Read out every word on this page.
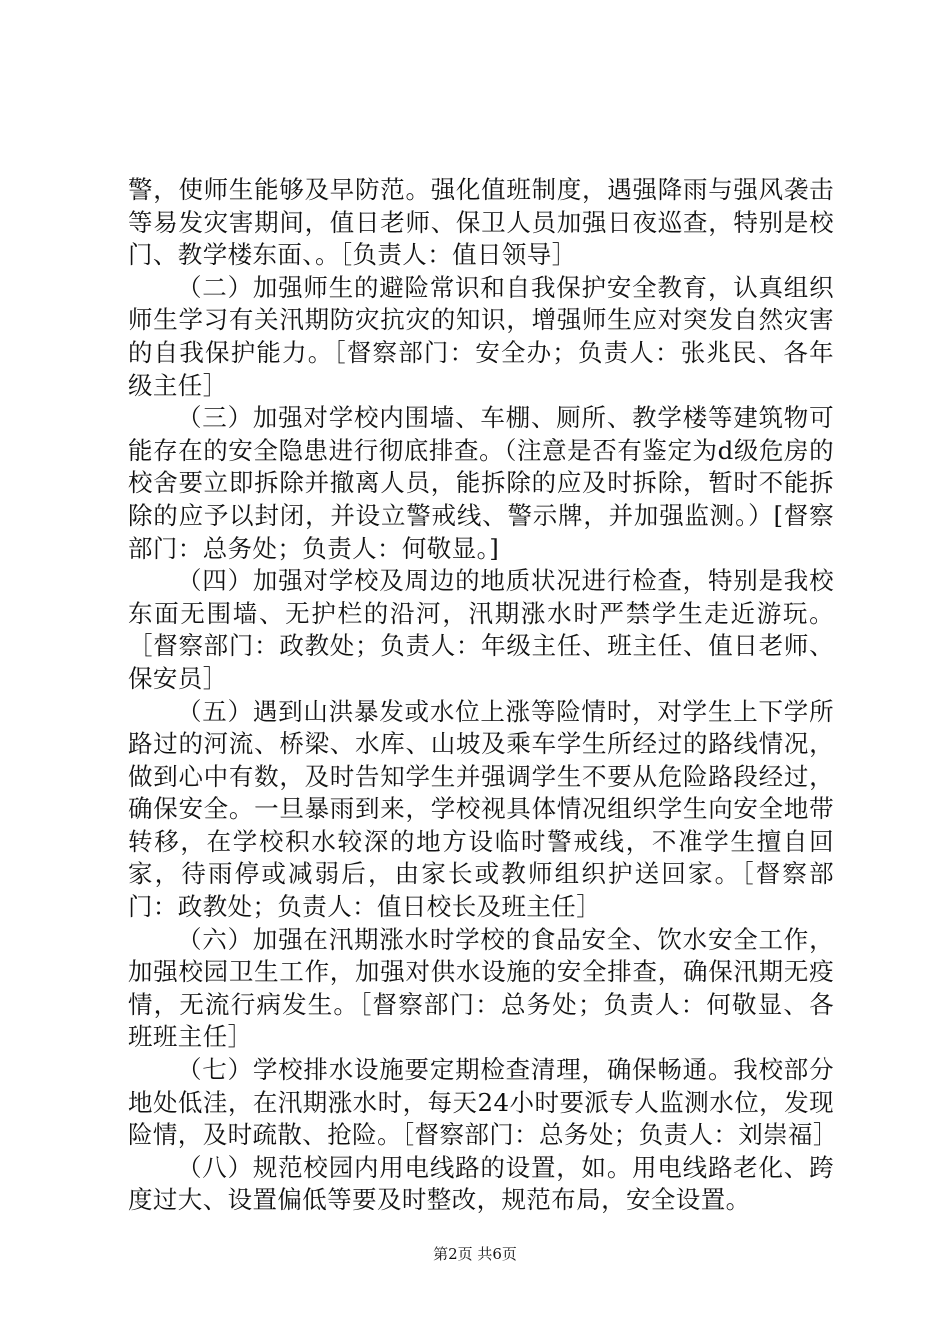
警，使师生能够及早防范。强化值班制度，遇强降雨与强风袭击等易发灾害期间，值日老师、保卫人员加强日夜巡查，特别是校门、教学楼东面、。［负责人：值日领导］

（二）加强师生的避险常识和自我保护安全教育，认真组织师生学习有关汛期防灾抗灾的知识，增强师生应对突发自然灾害的自我保护能力。［督察部门：安全办；负责人：张兆民、各年级主任］

（三）加强对学校内围墙、车棚、厕所、教学楼等建筑物可能存在的安全隐患进行彻底排查。（注意是否有鉴定为d级危房的校舍要立即拆除并撤离人员，能拆除的应及时拆除，暂时不能拆除的应予以封闭，并设立警戒线、警示牌，并加强监测。）[督察部门：总务处；负责人：何敬显。]

（四）加强对学校及周边的地质状况进行检查，特别是我校东面无围墙、无护栏的沿河，汛期涨水时严禁学生走近游玩。［督察部门：政教处；负责人：年级主任、班主任、值日老师、保安员］

（五）遇到山洪暴发或水位上涨等险情时，对学生上下学所路过的河流、桥梁、水库、山坡及乘车学生所经过的路线情况，做到心中有数，及时告知学生并强调学生不要从危险路段经过，确保安全。一旦暴雨到来，学校视具体情况组织学生向安全地带转移，在学校积水较深的地方设临时警戒线，不准学生擅自回家，待雨停或减弱后，由家长或教师组织护送回家。［督察部门：政教处；负责人：值日校长及班主任］

（六）加强在汛期涨水时学校的食品安全、饮水安全工作，加强校园卫生工作，加强对供水设施的安全排查，确保汛期无疫情，无流行病发生。［督察部门：总务处；负责人：何敬显、各班班主任］

（七）学校排水设施要定期检查清理，确保畅通。我校部分地处低洼，在汛期涨水时，每天24小时要派专人监测水位，发现险情，及时疏散、抢险。［督察部门：总务处；负责人：刘崇福］

（八）规范校园内用电线路的设置，如。用电线路老化、跨度过大、设置偏低等要及时整改，规范布局，安全设置。

第2页 共6页
